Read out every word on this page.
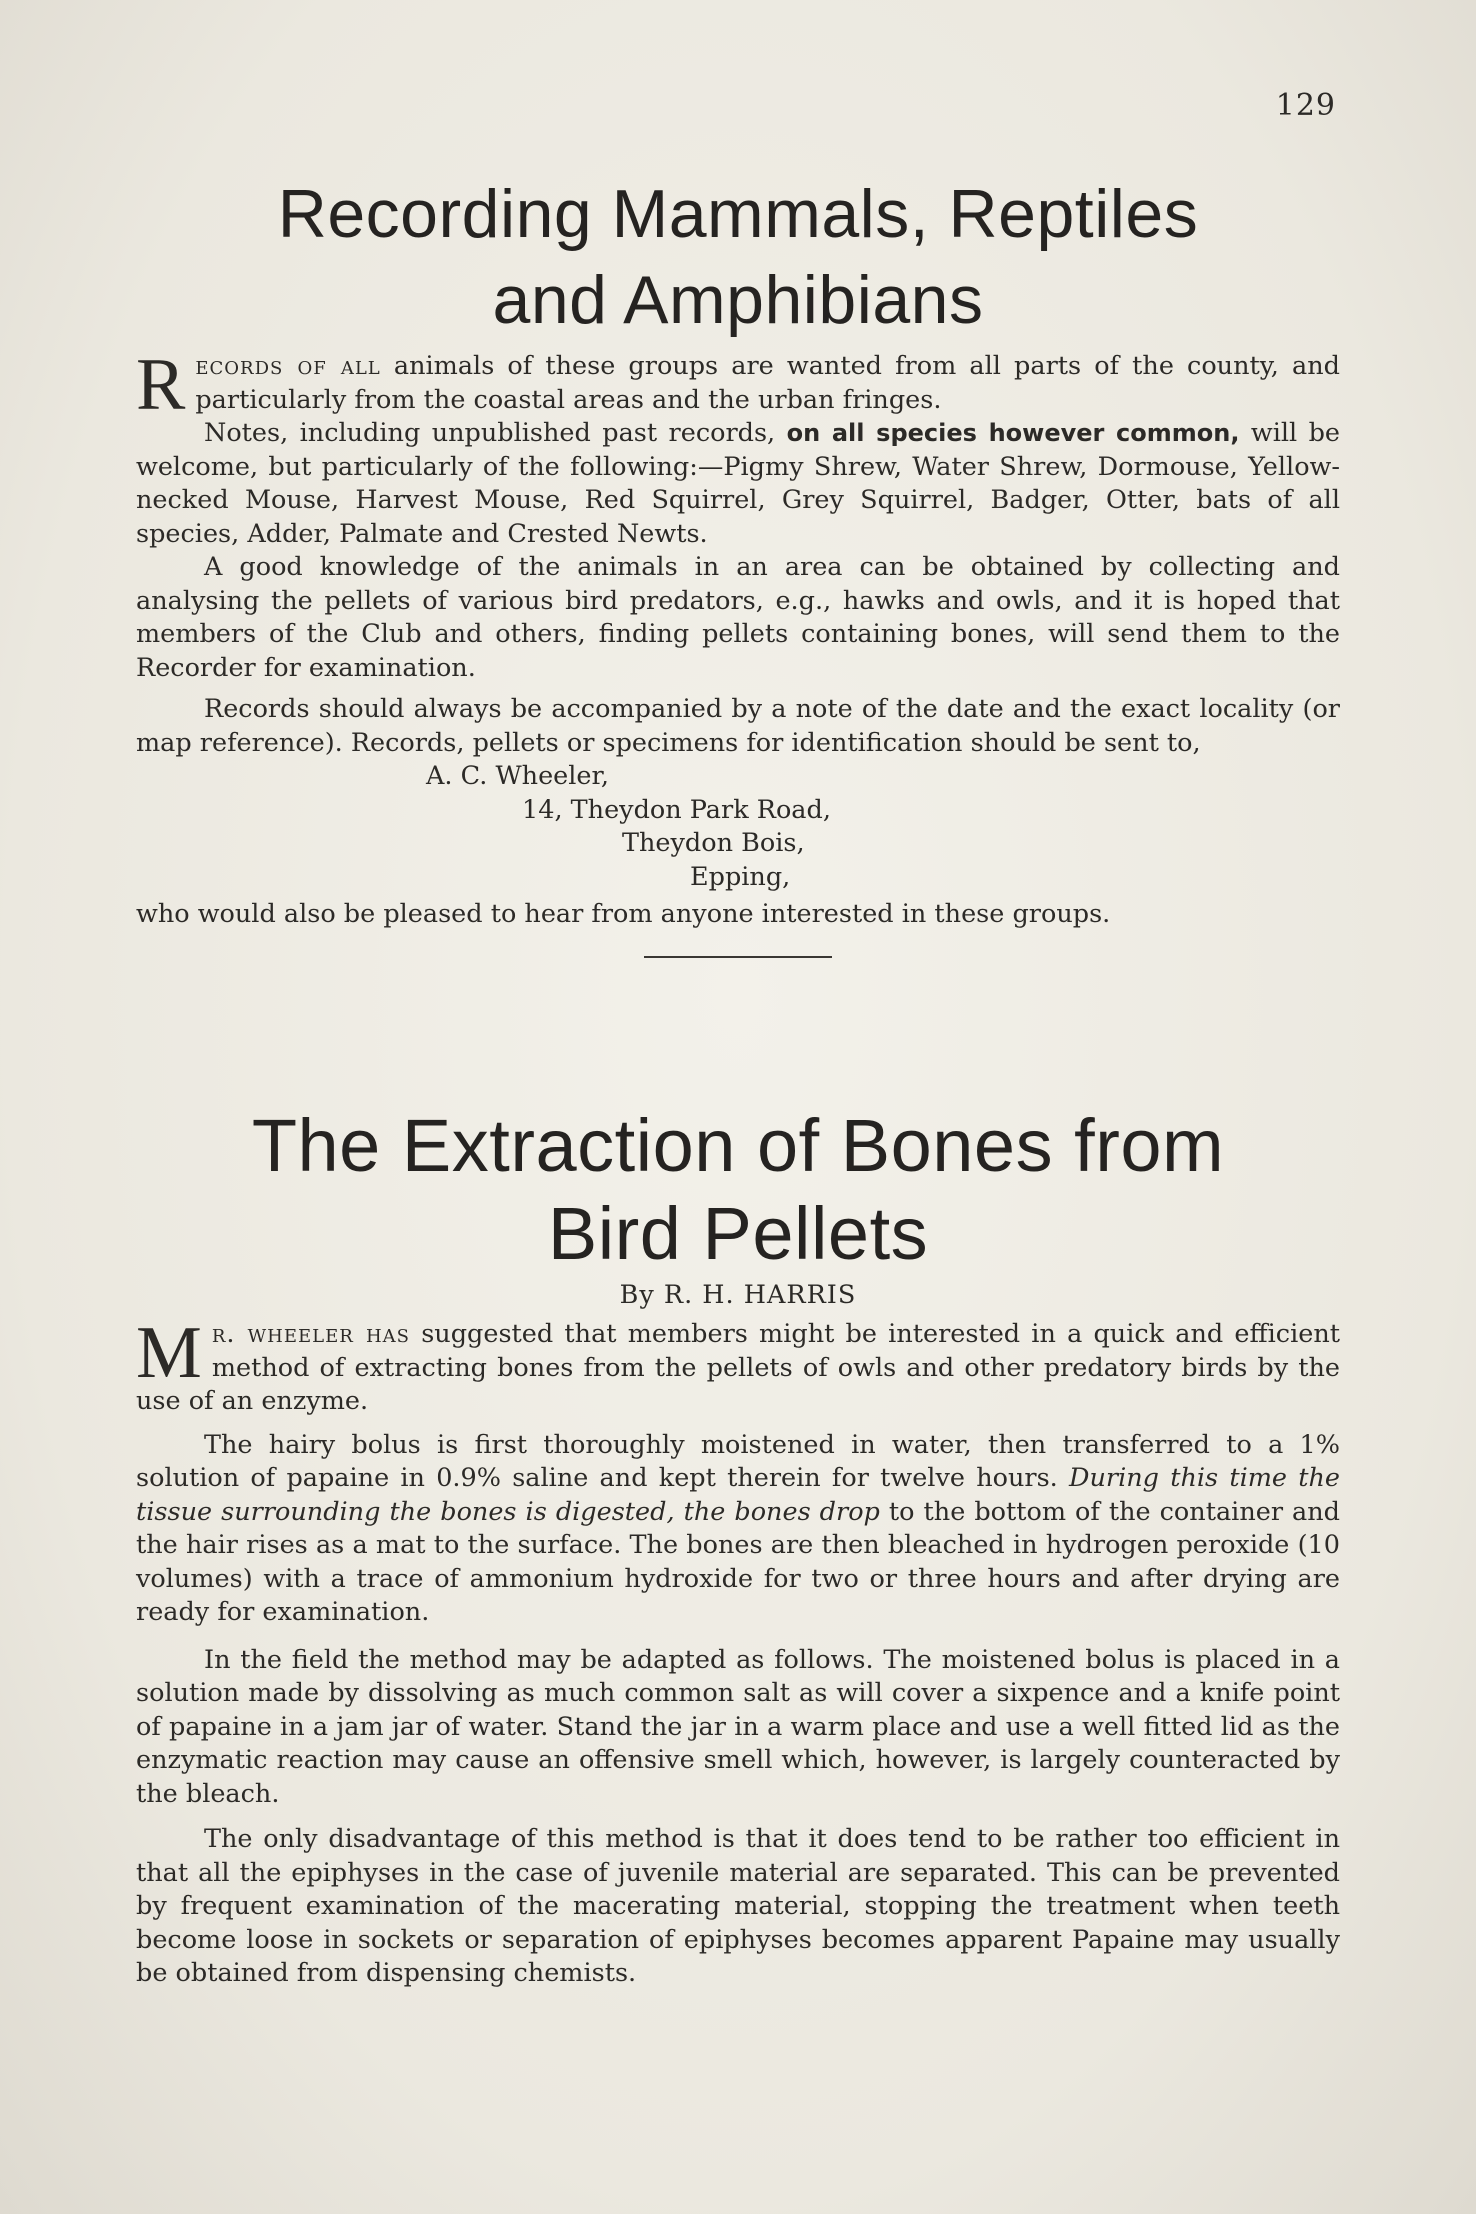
129
Recording Mammals, Reptiles
and Amphibians

Records of all animals of these groups are wanted from all parts of the county, and particularly from the coastal areas and the urban fringes.

Notes, including unpublished past records, on all species however common, will be welcome, but particularly of the following:—Pigmy Shrew, Water Shrew, Dormouse, Yellow-necked Mouse, Harvest Mouse, Red Squirrel, Grey Squirrel, Badger, Otter, bats of all species, Adder, Palmate and Crested Newts.

A good knowledge of the animals in an area can be obtained by collecting and analysing the pellets of various bird predators, e.g., hawks and owls, and it is hoped that members of the Club and others, finding pellets containing bones, will send them to the Recorder for examination.

Records should always be accompanied by a note of the date and the exact locality (or map reference). Records, pellets or specimens for identification should be sent to,

A. C. Wheeler,

14, Theydon Park Road,

Theydon Bois,

Epping,

who would also be pleased to hear from anyone interested in these groups.

The Extraction of Bones from
Bird Pellets

By R. H. HARRIS

Mr. wheeler has suggested that members might be interested in a quick and efficient method of extracting bones from the pellets of owls and other predatory birds by the use of an enzyme.

The hairy bolus is first thoroughly moistened in water, then transferred to a 1% solution of papaine in 0.9% saline and kept therein for twelve hours. During this time the tissue surrounding the bones is digested, the bones drop to the bottom of the container and the hair rises as a mat to the surface. The bones are then bleached in hydrogen peroxide (10 volumes) with a trace of ammonium hydroxide for two or three hours and after drying are ready for examination.

In the field the method may be adapted as follows. The moistened bolus is placed in a solution made by dissolving as much common salt as will cover a sixpence and a knife point of papaine in a jam jar of water. Stand the jar in a warm place and use a well fitted lid as the enzymatic reaction may cause an offensive smell which, however, is largely counteracted by the bleach.

The only disadvantage of this method is that it does tend to be rather too efficient in that all the epiphyses in the case of juvenile material are separated. This can be prevented by frequent examination of the macerating material, stopping the treatment when teeth become loose in sockets or separation of epiphyses becomes apparent Papaine may usually be obtained from dispensing chemists.
